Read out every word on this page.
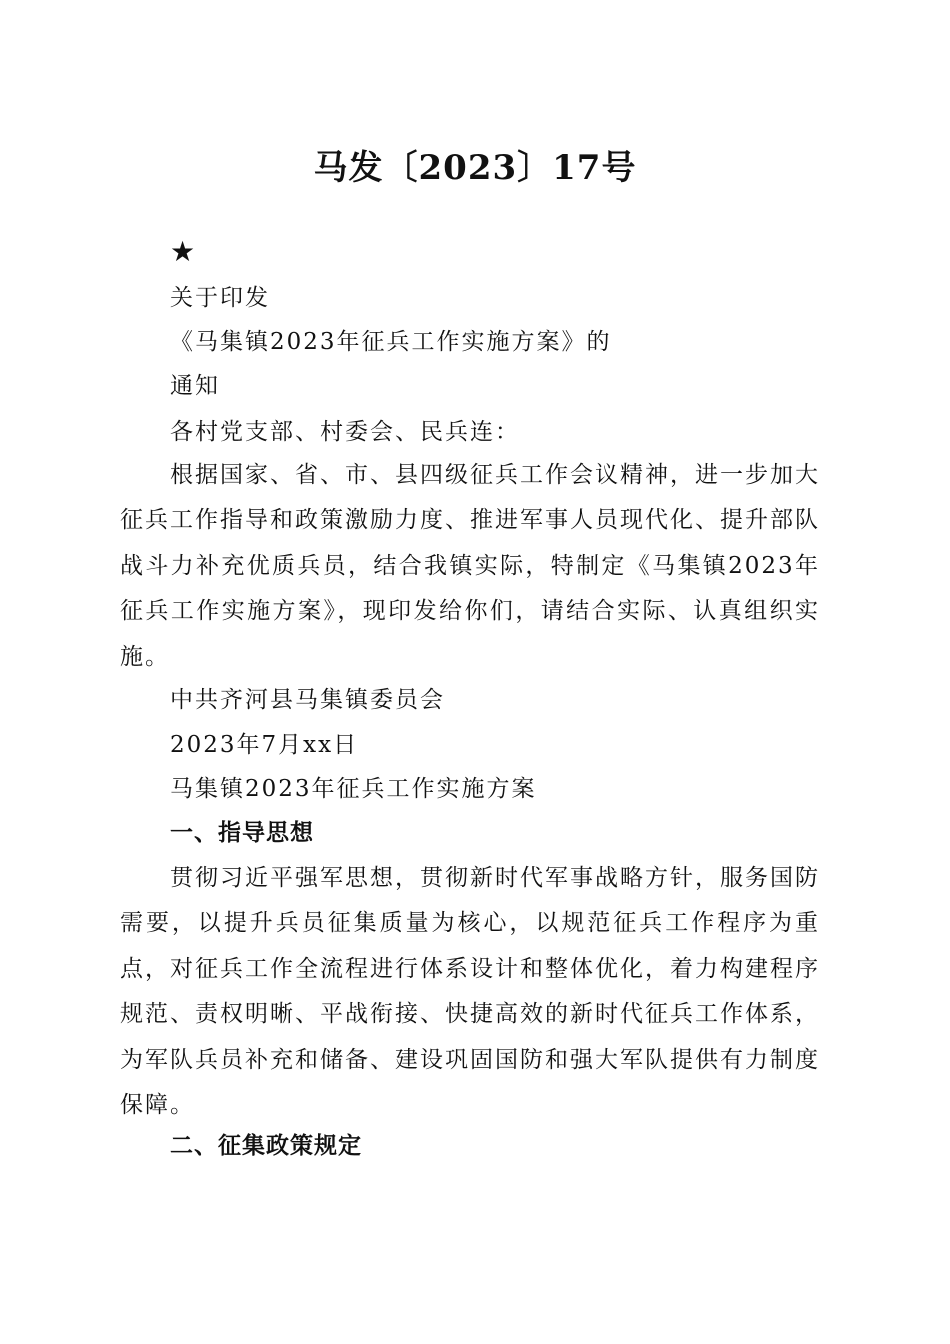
马发〔2023〕17号
★

关于印发

《马集镇2023年征兵工作实施方案》的

通知

各村党支部、村委会、民兵连：

根据国家、省、市、县四级征兵工作会议精神，进一步加大征兵工作指导和政策激励力度、推进军事人员现代化、提升部队战斗力补充优质兵员，结合我镇实际，特制定《马集镇2023年征兵工作实施方案》，现印发给你们，请结合实际、认真组织实施。

中共齐河县马集镇委员会

2023年7月xx日

马集镇2023年征兵工作实施方案

一、指导思想

贯彻习近平强军思想，贯彻新时代军事战略方针，服务国防需要，以提升兵员征集质量为核心，以规范征兵工作程序为重点，对征兵工作全流程进行体系设计和整体优化，着力构建程序规范、责权明晰、平战衔接、快捷高效的新时代征兵工作体系，为军队兵员补充和储备、建设巩固国防和强大军队提供有力制度保障。

二、征集政策规定
